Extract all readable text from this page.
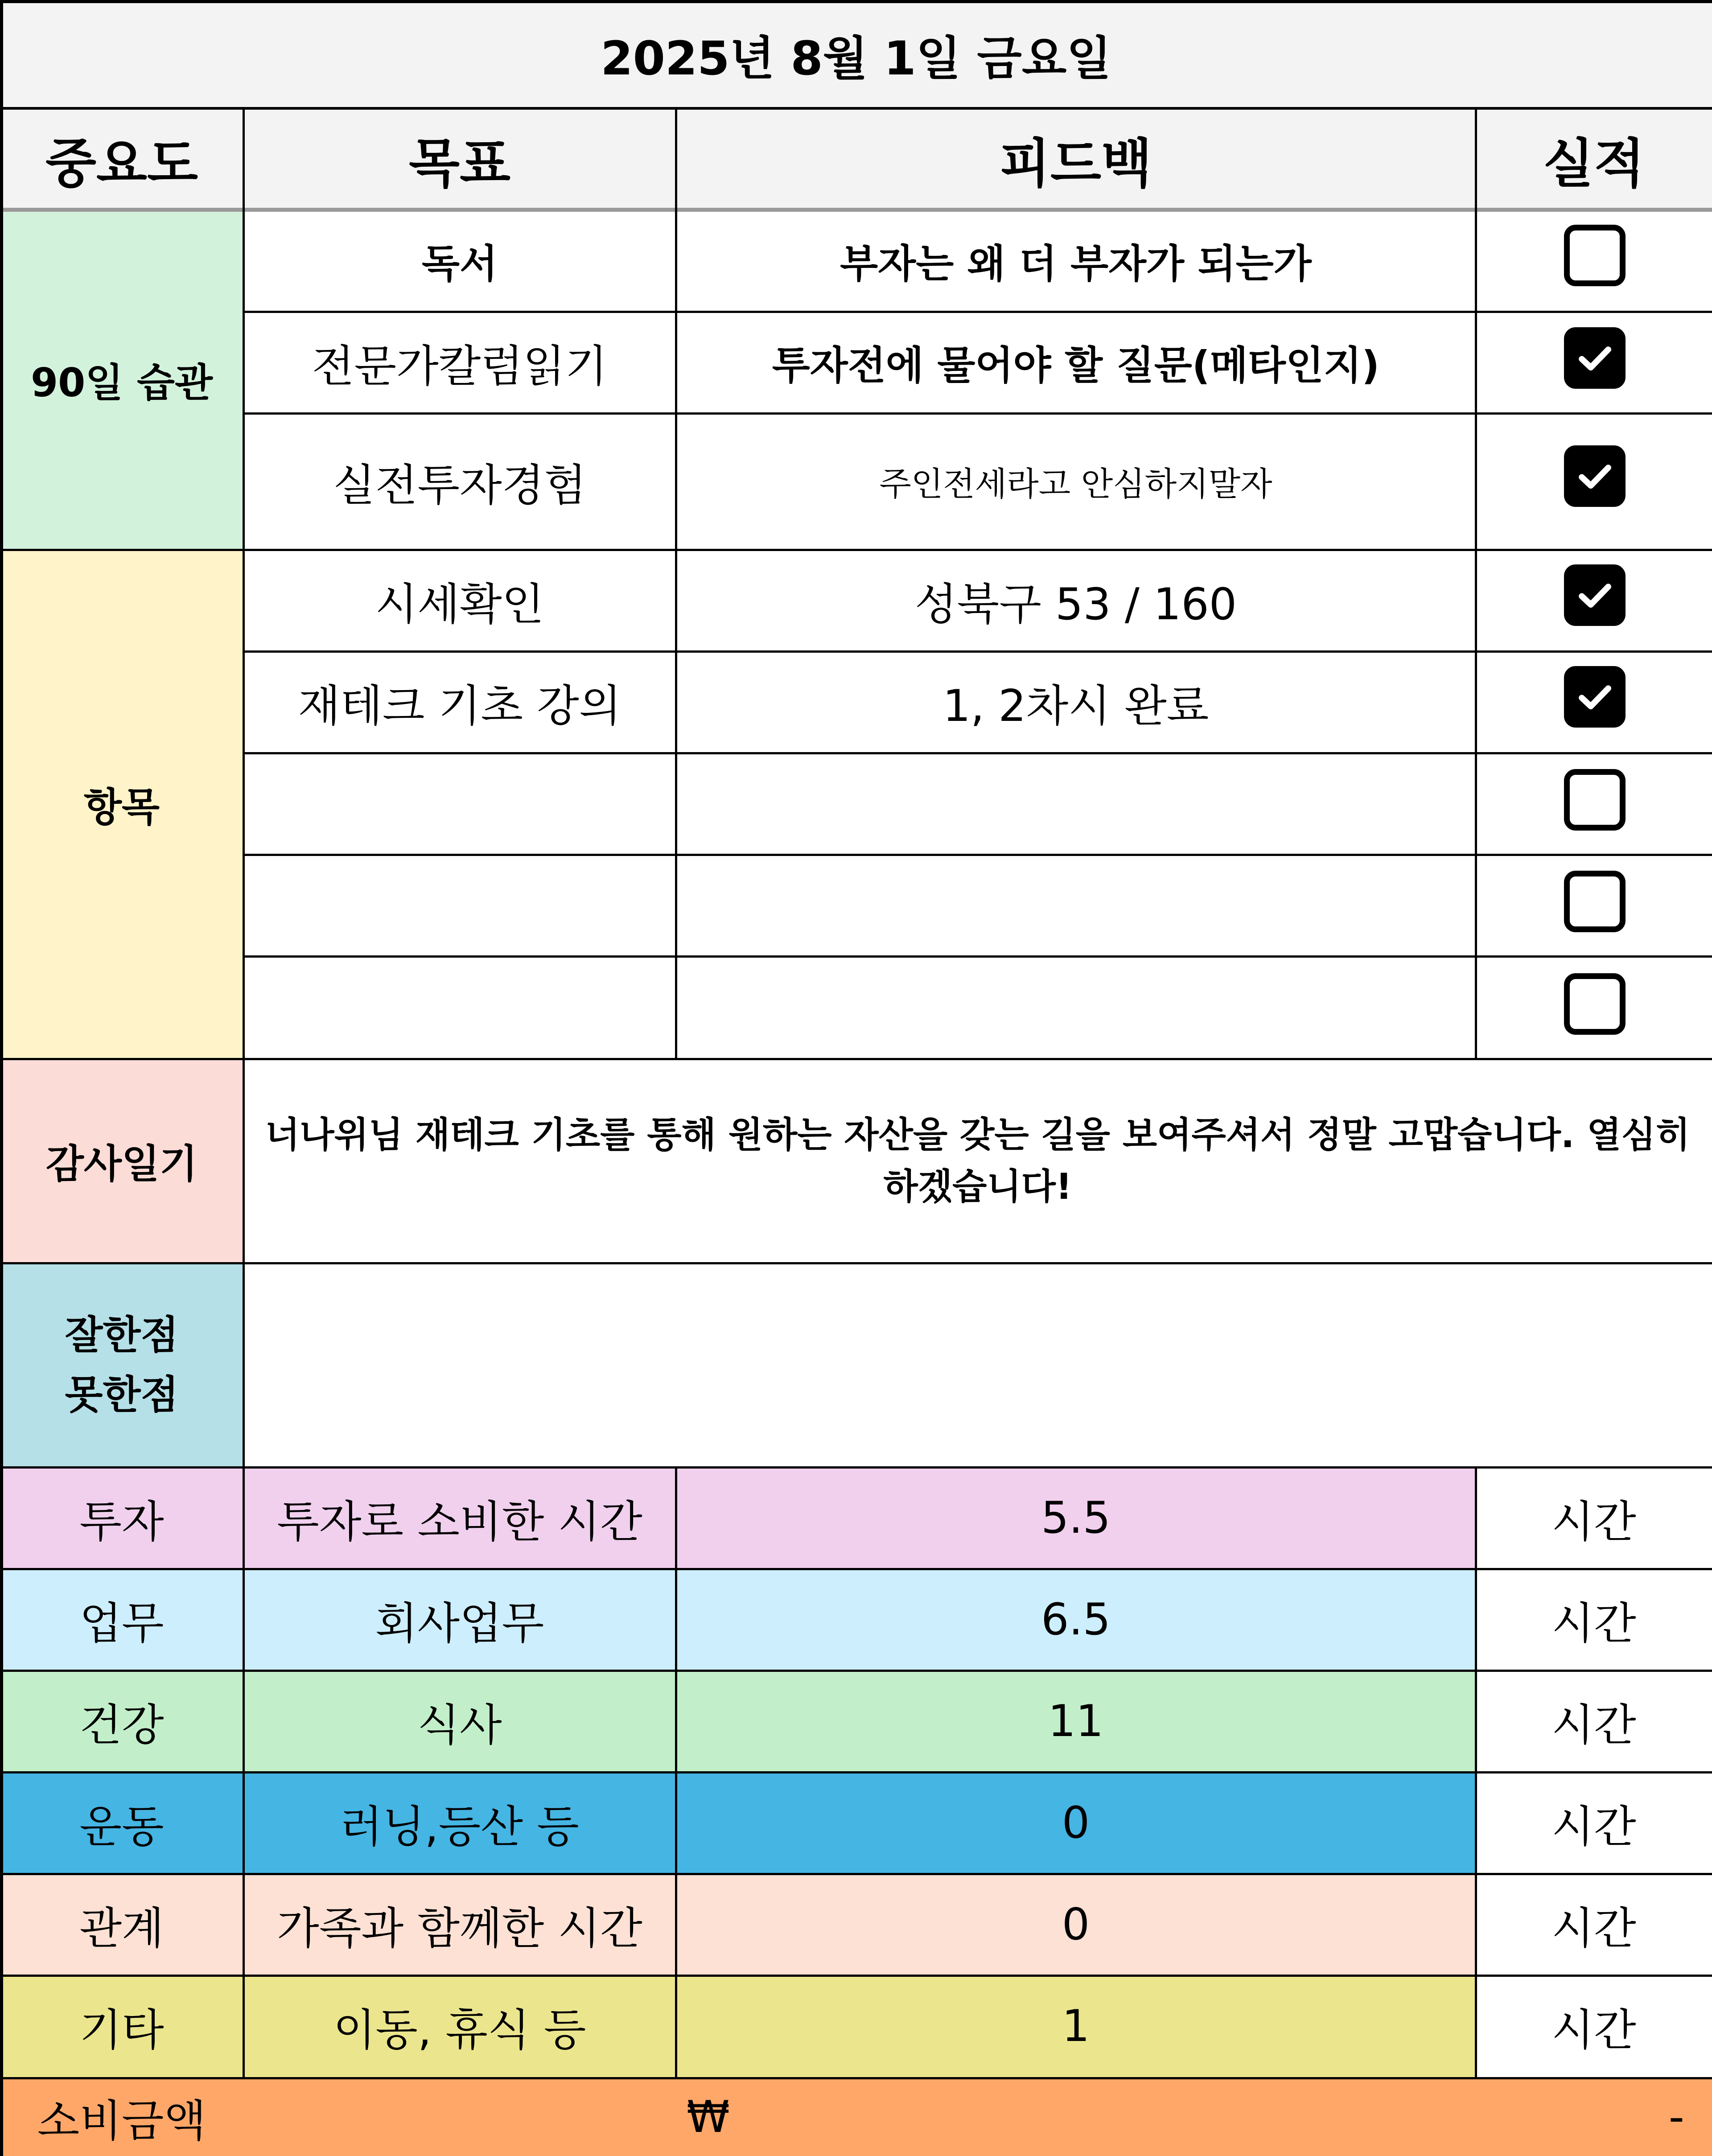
2025년 8월 1일 금요일
중요도	목표	피드백	실적
90일 습관
독서	부자는 왜 더 부자가 되는가
전문가칼럼읽기	투자전에 물어야 할 질문(메타인지)
실전투자경험	주인전세라고 안심하지말자
항목
시세확인	성북구 53 / 160
재테크 기초 강의	1, 2차시 완료
감사일기
너나위님 재테크 기초를 통해 원하는 자산을 갖는 길을 보여주셔서 정말 고맙습니다. 열심히
하겠습니다!
잘한점
못한점
투자	투자로 소비한 시간	5.5	시간
업무	회사업무	6.5	시간
건강	식사	11	시간
운동	러닝,등산 등	0	시간
관계	가족과 함께한 시간	0	시간
기타	이동, 휴식 등	1	시간
소비금액	₩	-
